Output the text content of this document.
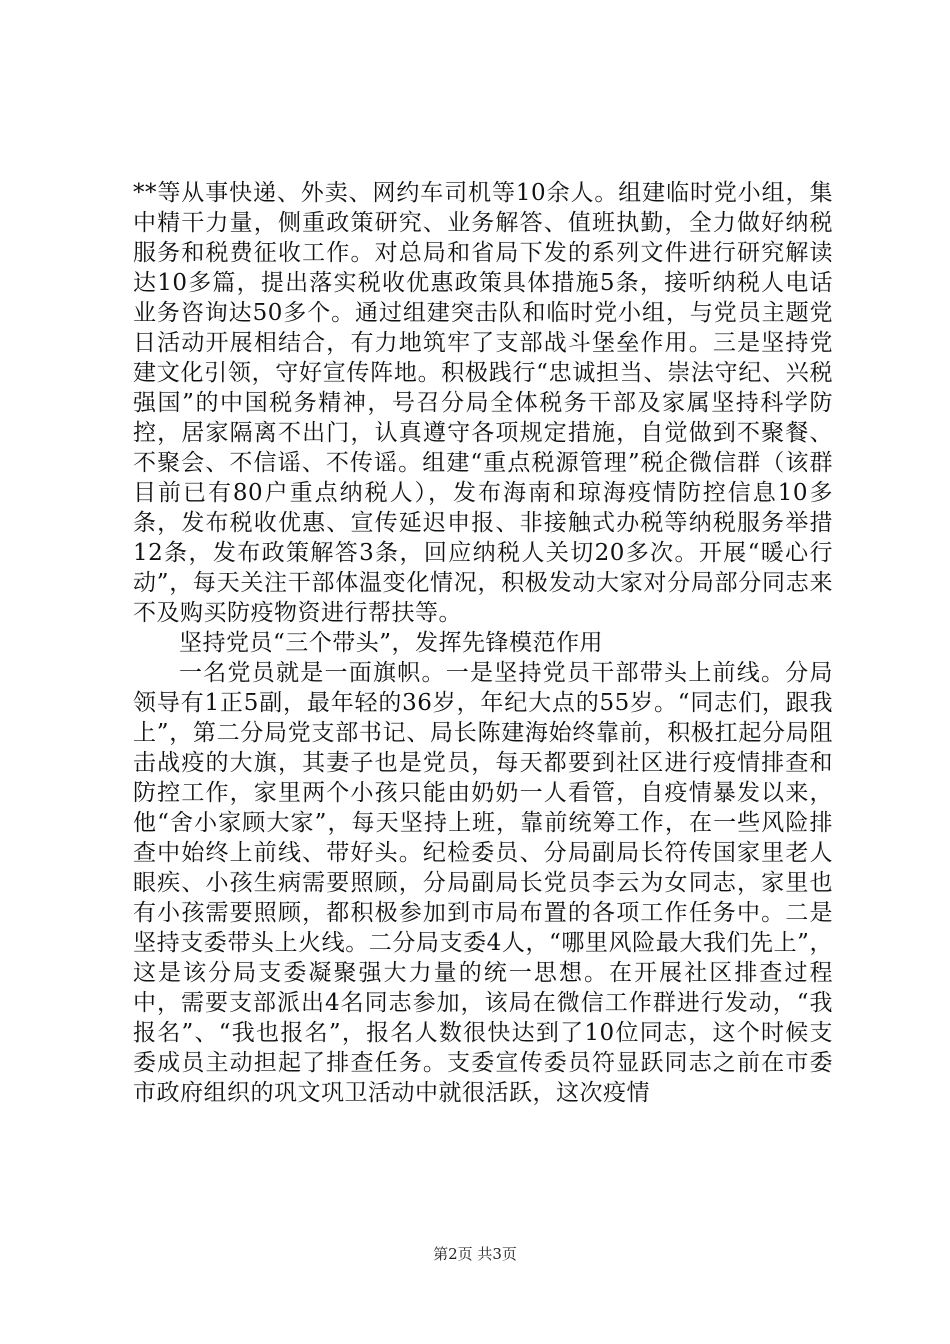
**等从事快递、外卖、网约车司机等10余人。组建临时党小组，集中精干力量，侧重政策研究、业务解答、值班执勤，全力做好纳税服务和税费征收工作。对总局和省局下发的系列文件进行研究解读达10多篇，提出落实税收优惠政策具体措施5条，接听纳税人电话业务咨询达50多个。通过组建突击队和临时党小组，与党员主题党日活动开展相结合，有力地筑牢了支部战斗堡垒作用。三是坚持党建文化引领，守好宣传阵地。积极践行“忠诚担当、崇法守纪、兴税强国”的中国税务精神，号召分局全体税务干部及家属坚持科学防控，居家隔离不出门，认真遵守各项规定措施，自觉做到不聚餐、不聚会、不信谣、不传谣。组建“重点税源管理”税企微信群（该群目前已有80户重点纳税人），发布海南和琼海疫情防控信息10多条，发布税收优惠、宣传延迟申报、非接触式办税等纳税服务举措12条，发布政策解答3条，回应纳税人关切20多次。开展“暖心行动”，每天关注干部体温变化情况，积极发动大家对分局部分同志来不及购买防疫物资进行帮扶等。

坚持党员“三个带头”，发挥先锋模范作用

一名党员就是一面旗帜。一是坚持党员干部带头上前线。分局领导有1正5副，最年轻的36岁，年纪大点的55岁。“同志们，跟我上”，第二分局党支部书记、局长陈建海始终靠前，积极扛起分局阻击战疫的大旗，其妻子也是党员，每天都要到社区进行疫情排查和防控工作，家里两个小孩只能由奶奶一人看管，自疫情暴发以来，他“舍小家顾大家”，每天坚持上班，靠前统筹工作，在一些风险排查中始终上前线、带好头。纪检委员、分局副局长符传国家里老人眼疾、小孩生病需要照顾，分局副局长党员李云为女同志，家里也有小孩需要照顾，都积极参加到市局布置的各项工作任务中。二是坚持支委带头上火线。二分局支委4人，“哪里风险最大我们先上”，这是该分局支委凝聚强大力量的统一思想。在开展社区排查过程中，需要支部派出4名同志参加，该局在微信工作群进行发动，“我报名”、“我也报名”，报名人数很快达到了10位同志，这个时候支委成员主动担起了排查任务。支委宣传委员符显跃同志之前在市委市政府组织的巩文巩卫活动中就很活跃，这次疫情

第2页 共3页
